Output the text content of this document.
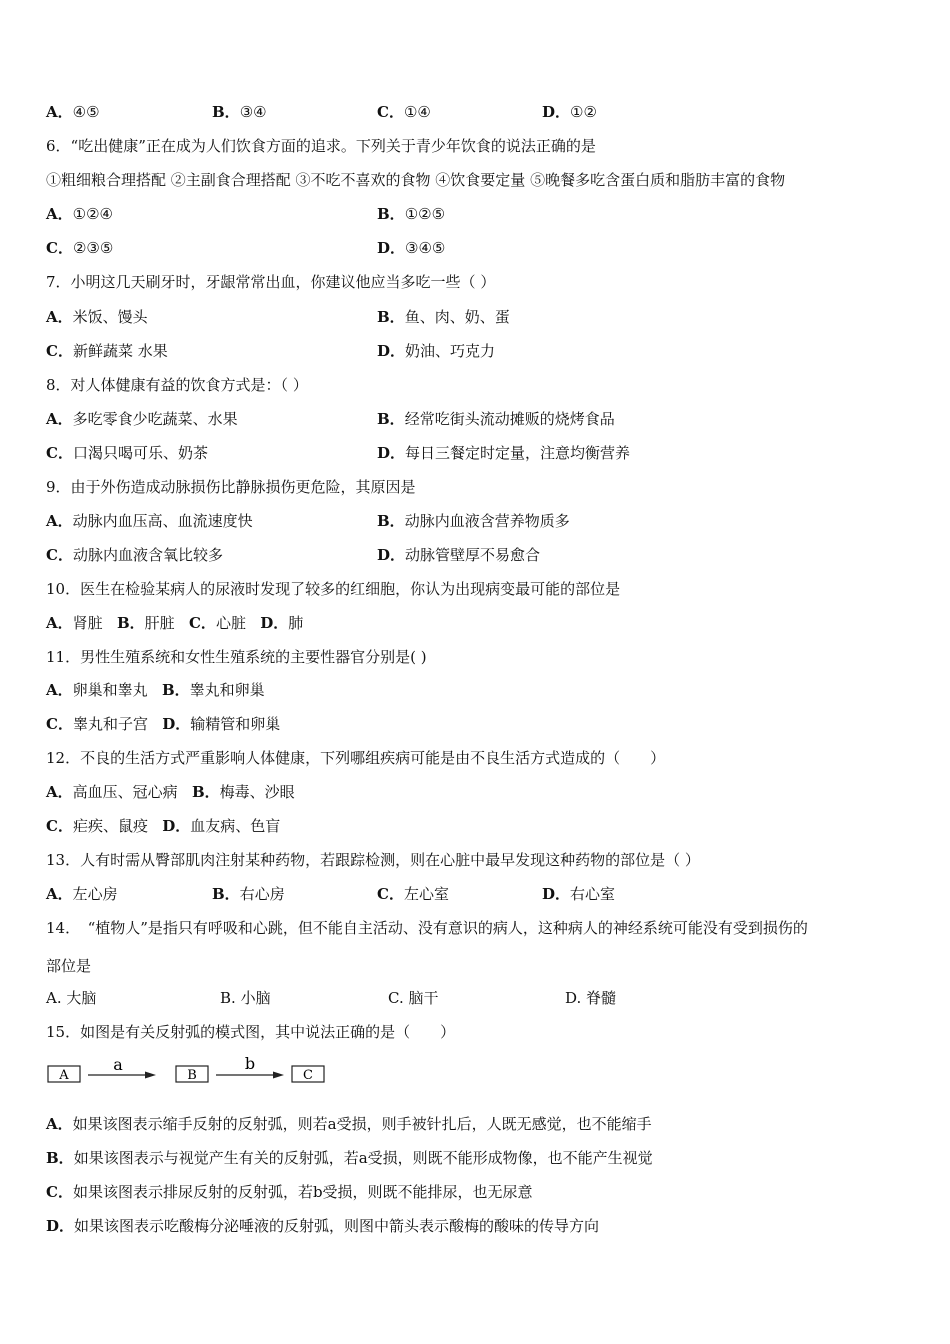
A．④⑤	B．③④	C．①④	D．①②
6．“吃出健康”正在成为人们饮食方面的追求。下列关于青少年饮食的说法正确的是
①粗细粮合理搭配 ②主副食合理搭配 ③不吃不喜欢的食物 ④饮食要定量 ⑤晚餐多吃含蛋白质和脂肪丰富的食物
A．①②④	B．①②⑤
C．②③⑤	D．③④⑤
7．小明这几天刷牙时，牙龈常常出血，你建议他应当多吃一些（ ）
A．米饭、馒头	B．鱼、肉、奶、蛋
C．新鲜蔬菜 水果	D．奶油、巧克力
8．对人体健康有益的饮食方式是：（ ）
A．多吃零食少吃蔬菜、水果	B．经常吃街头流动摊贩的烧烤食品
C．口渴只喝可乐、奶茶	D．每日三餐定时定量，注意均衡营养
9．由于外伤造成动脉损伤比静脉损伤更危险，其原因是
A．动脉内血压高、血流速度快	B．动脉内血液含营养物质多
C．动脉内血液含氧比较多	D．动脉管壁厚不易愈合
10．医生在检验某病人的尿液时发现了较多的红细胞，你认为出现病变最可能的部位是
A．肾脏 B．肝脏 C．心脏 D．肺
11．男性生殖系统和女性生殖系统的主要性器官分别是( )
A．卵巢和睾丸 B．睾丸和卵巢
C．睾丸和子宫 D．输精管和卵巢
12．不良的生活方式严重影响人体健康，下列哪组疾病可能是由不良生活方式造成的（　　）
A．高血压、冠心病 B．梅毒、沙眼
C．疟疾、鼠疫 D．血友病、色盲
13．人有时需从臀部肌肉注射某种药物，若跟踪检测，则在心脏中最早发现这种药物的部位是（ ）
A．左心房	B．右心房	C．左心室	D．右心室
14．　“植物人”是指只有呼吸和心跳，但不能自主活动、没有意识的病人，这种病人的神经系统可能没有受到损伤的
部位是
A. 大脑	B. 小脑	C. 脑干	D. 脊髓
15．如图是有关反射弧的模式图，其中说法正确的是（　　）
A
a
B
b
C
A．如果该图表示缩手反射的反射弧，则若a受损，则手被针扎后，人既无感觉，也不能缩手
B．如果该图表示与视觉产生有关的反射弧，若a受损，则既不能形成物像，也不能产生视觉
C．如果该图表示排尿反射的反射弧，若b受损，则既不能排尿，也无尿意
D．如果该图表示吃酸梅分泌唾液的反射弧，则图中箭头表示酸梅的酸味的传导方向
